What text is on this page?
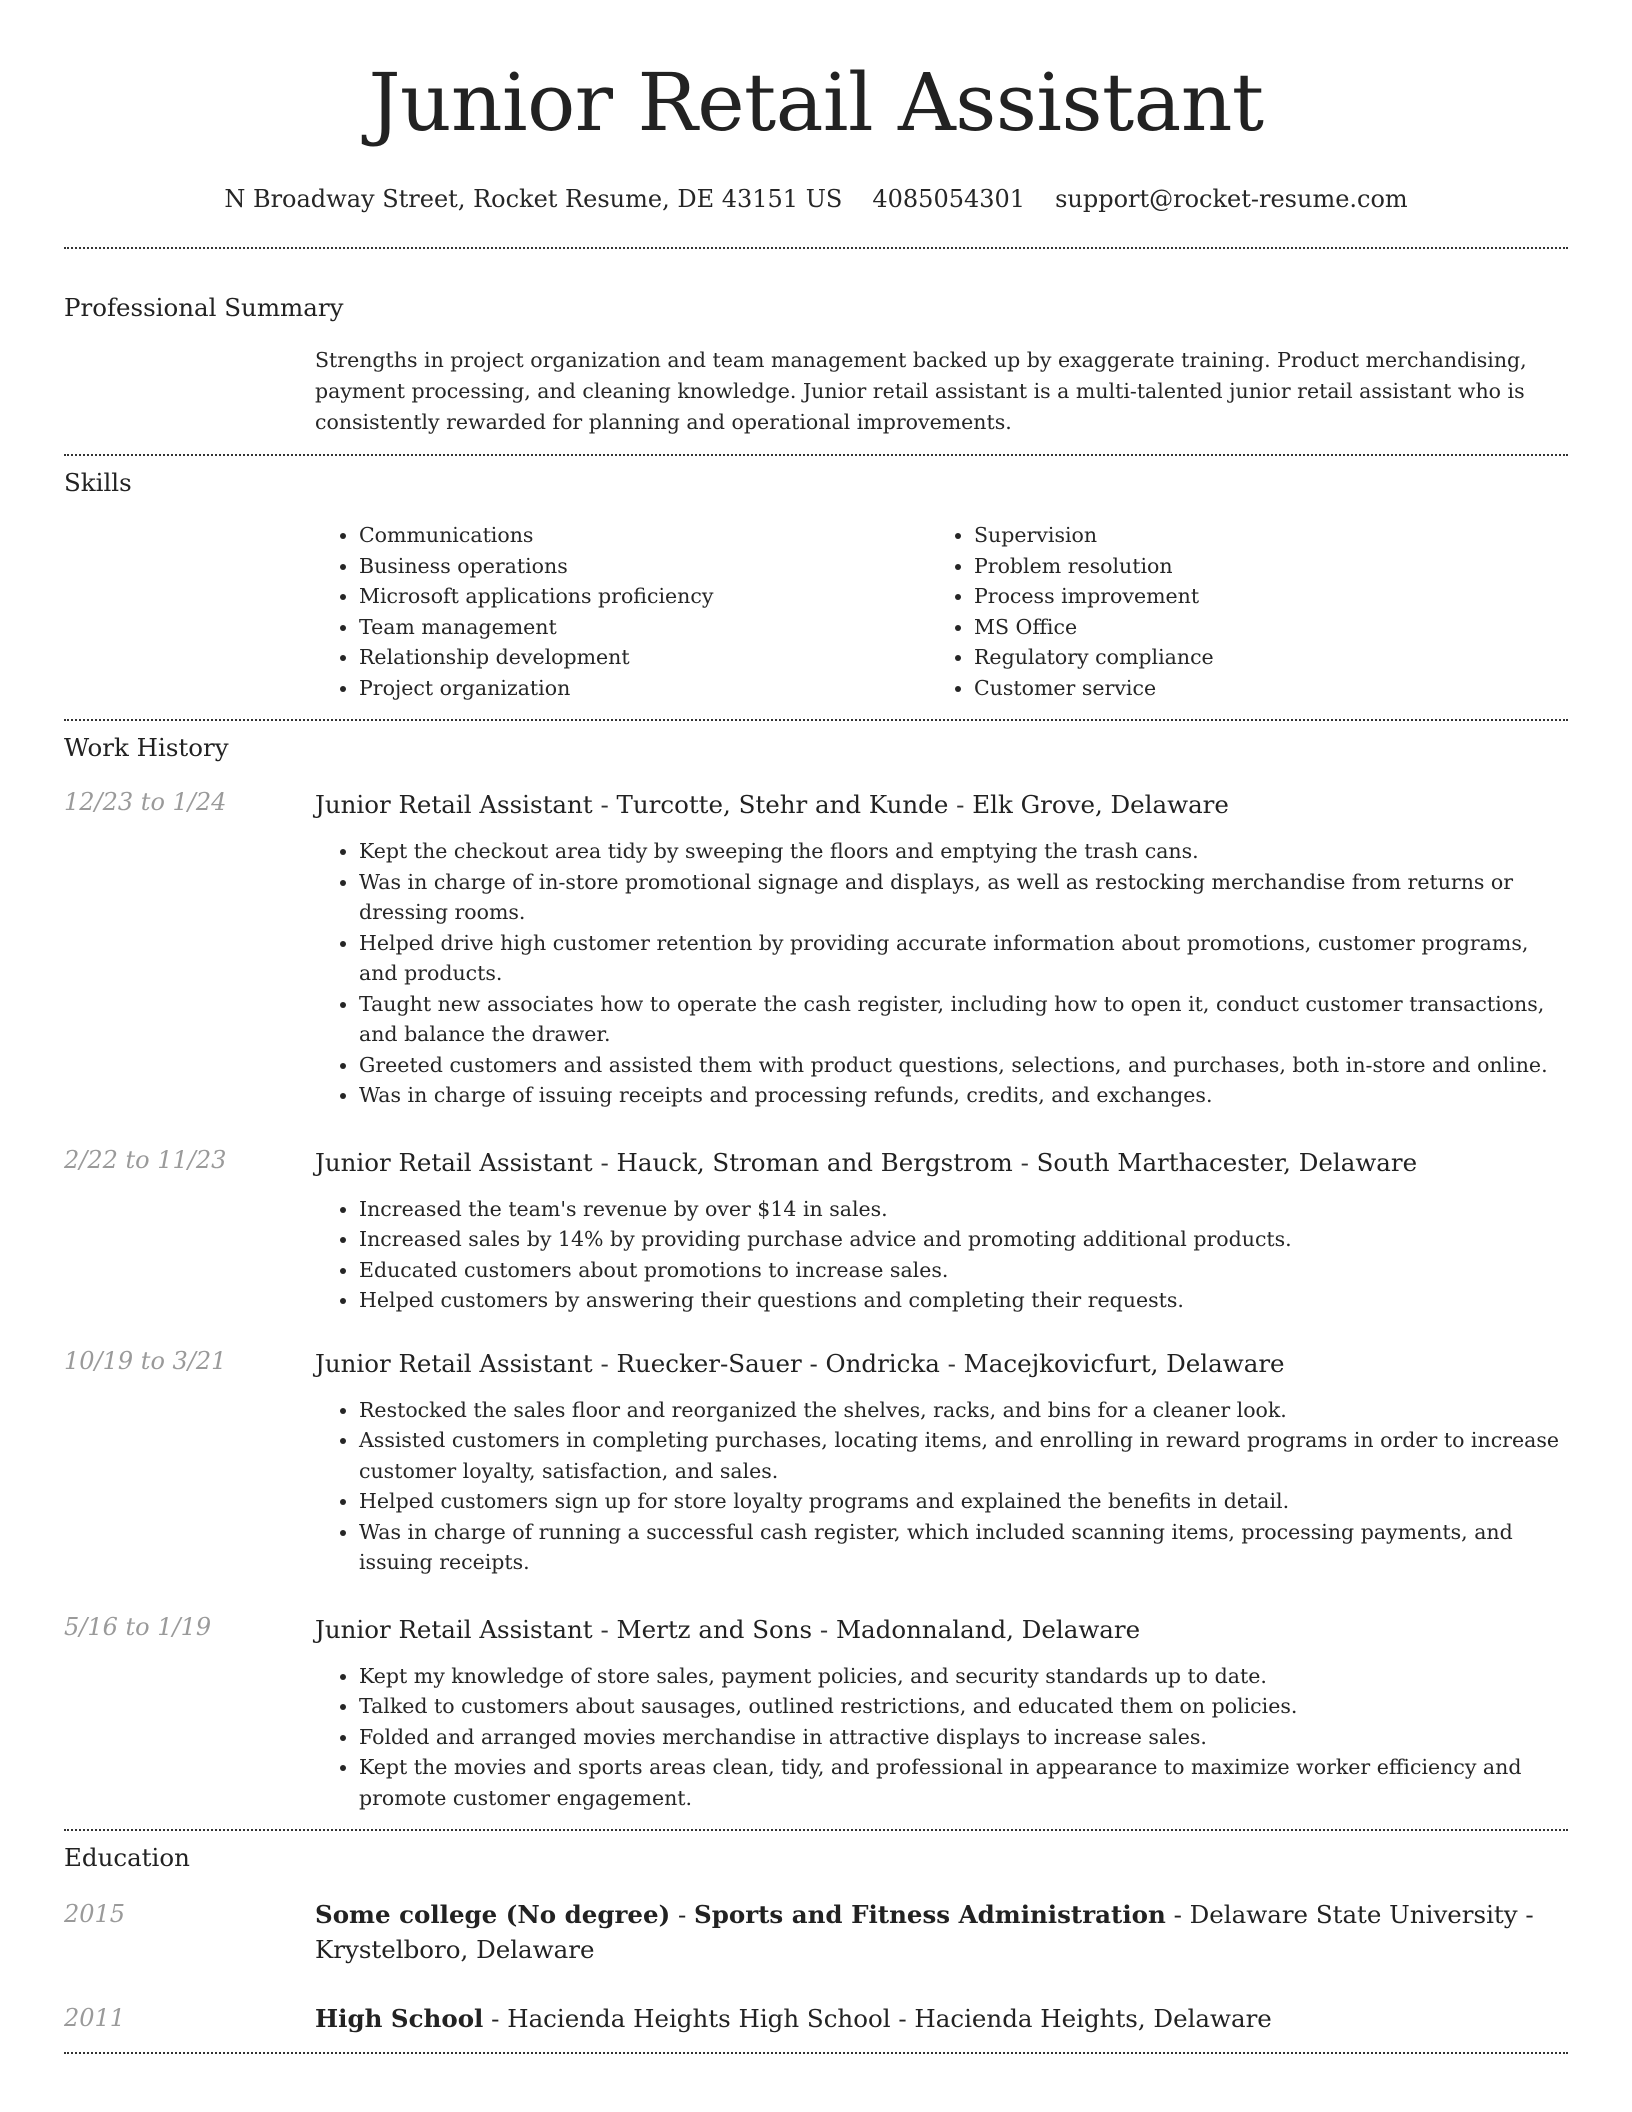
Junior Retail Assistant
N Broadway Street, Rocket Resume, DE 43151 US 4085054301 support@rocket-resume.com
Professional Summary

Strengths in project organization and team management backed up by exaggerate training. Product merchandising, payment processing, and cleaning knowledge. Junior retail assistant is a multi-talented junior retail assistant who is consistently rewarded for planning and operational improvements.

Skills
• Communications
• Business operations
• Microsoft applications proficiency
• Team management
• Relationship development
• Project organization
• Supervision
• Problem resolution
• Process improvement
• MS Office
• Regulatory compliance
• Customer service
Work History
12/23 to 1/24	Junior Retail Assistant - Turcotte, Stehr and Kunde - Elk Grove, Delaware

• Kept the checkout area tidy by sweeping the floors and emptying the trash cans.
• Was in charge of in-store promotional signage and displays, as well as restocking merchandise from returns or dressing rooms.
• Helped drive high customer retention by providing accurate information about promotions, customer programs, and products.
• Taught new associates how to operate the cash register, including how to open it, conduct customer transactions, and balance the drawer.
• Greeted customers and assisted them with product questions, selections, and purchases, both in-store and online.
• Was in charge of issuing receipts and processing refunds, credits, and exchanges.
2/22 to 11/23	Junior Retail Assistant - Hauck, Stroman and Bergstrom - South Marthacester, Delaware

• Increased the team's revenue by over $14 in sales.
• Increased sales by 14% by providing purchase advice and promoting additional products.
• Educated customers about promotions to increase sales.
• Helped customers by answering their questions and completing their requests.
10/19 to 3/21	Junior Retail Assistant - Ruecker-Sauer - Ondricka - Macejkovicfurt, Delaware

• Restocked the sales floor and reorganized the shelves, racks, and bins for a cleaner look.
• Assisted customers in completing purchases, locating items, and enrolling in reward programs in order to increase customer loyalty, satisfaction, and sales.
• Helped customers sign up for store loyalty programs and explained the benefits in detail.
• Was in charge of running a successful cash register, which included scanning items, processing payments, and issuing receipts.
5/16 to 1/19	Junior Retail Assistant - Mertz and Sons - Madonnaland, Delaware

• Kept my knowledge of store sales, payment policies, and security standards up to date.
• Talked to customers about sausages, outlined restrictions, and educated them on policies.
• Folded and arranged movies merchandise in attractive displays to increase sales.
• Kept the movies and sports areas clean, tidy, and professional in appearance to maximize worker efficiency and promote customer engagement.
Education
2015	Some college (No degree) - Sports and Fitness Administration - Delaware State University - Krystelboro, Delaware
2011	High School - Hacienda Heights High School - Hacienda Heights, Delaware
